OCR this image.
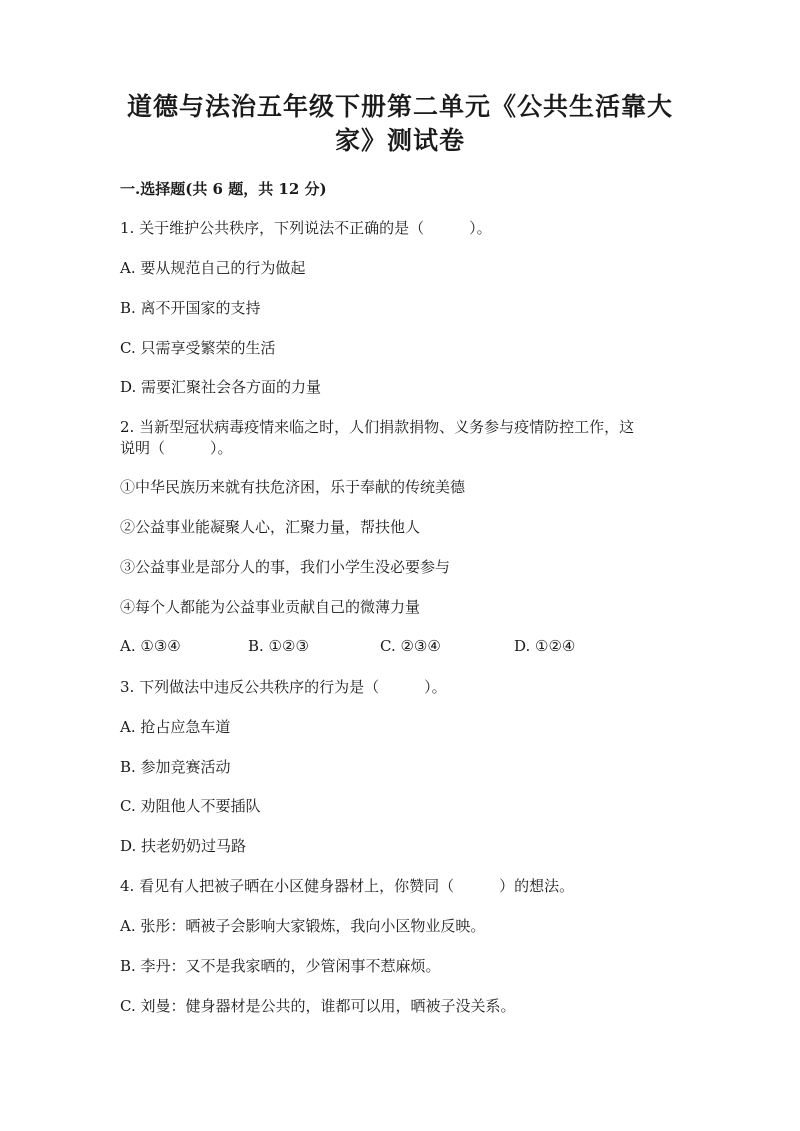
道德与法治五年级下册第二单元《公共生活靠大
家》测试卷
一.选择题(共 6 题，共 12 分)
1. 关于维护公共秩序，下列说法不正确的是（　　　）。
A. 要从规范自己的行为做起
B. 离不开国家的支持
C. 只需享受繁荣的生活
D. 需要汇聚社会各方面的力量
2. 当新型冠状病毒疫情来临之时，人们捐款捐物、义务参与疫情防控工作，这
说明（　　　）。
①中华民族历来就有扶危济困，乐于奉献的传统美德
②公益事业能凝聚人心，汇聚力量，帮扶他人
③公益事业是部分人的事，我们小学生没必要参与
④每个人都能为公益事业贡献自己的微薄力量
A. ①③④	B. ①②③	C. ②③④	D. ①②④
3. 下列做法中违反公共秩序的行为是（　　　）。
A. 抢占应急车道
B. 参加竞赛活动
C. 劝阻他人不要插队
D. 扶老奶奶过马路
4. 看见有人把被子晒在小区健身器材上，你赞同（　　　）的想法。
A. 张彤：晒被子会影响大家锻炼，我向小区物业反映。
B. 李丹：又不是我家晒的，少管闲事不惹麻烦。
C. 刘曼：健身器材是公共的，谁都可以用，晒被子没关系。
